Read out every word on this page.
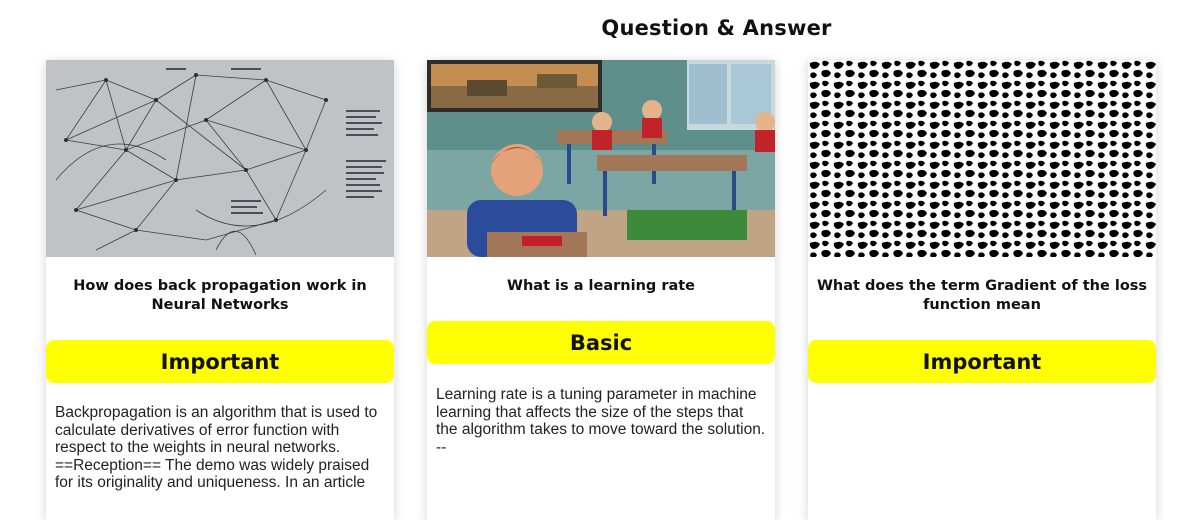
Question & Answer
How does back propagation work in Neural Networks
Important
Backpropagation is an algorithm that is used to calculate derivatives of error function with respect to the weights in neural networks. ==Reception== The demo was widely praised for its originality and uniqueness. In an article
What is a learning rate
Basic
Learning rate is a tuning parameter in machine learning that affects the size of the steps that the algorithm takes to move toward the solution. --
What does the term Gradient of the loss function mean
Important
